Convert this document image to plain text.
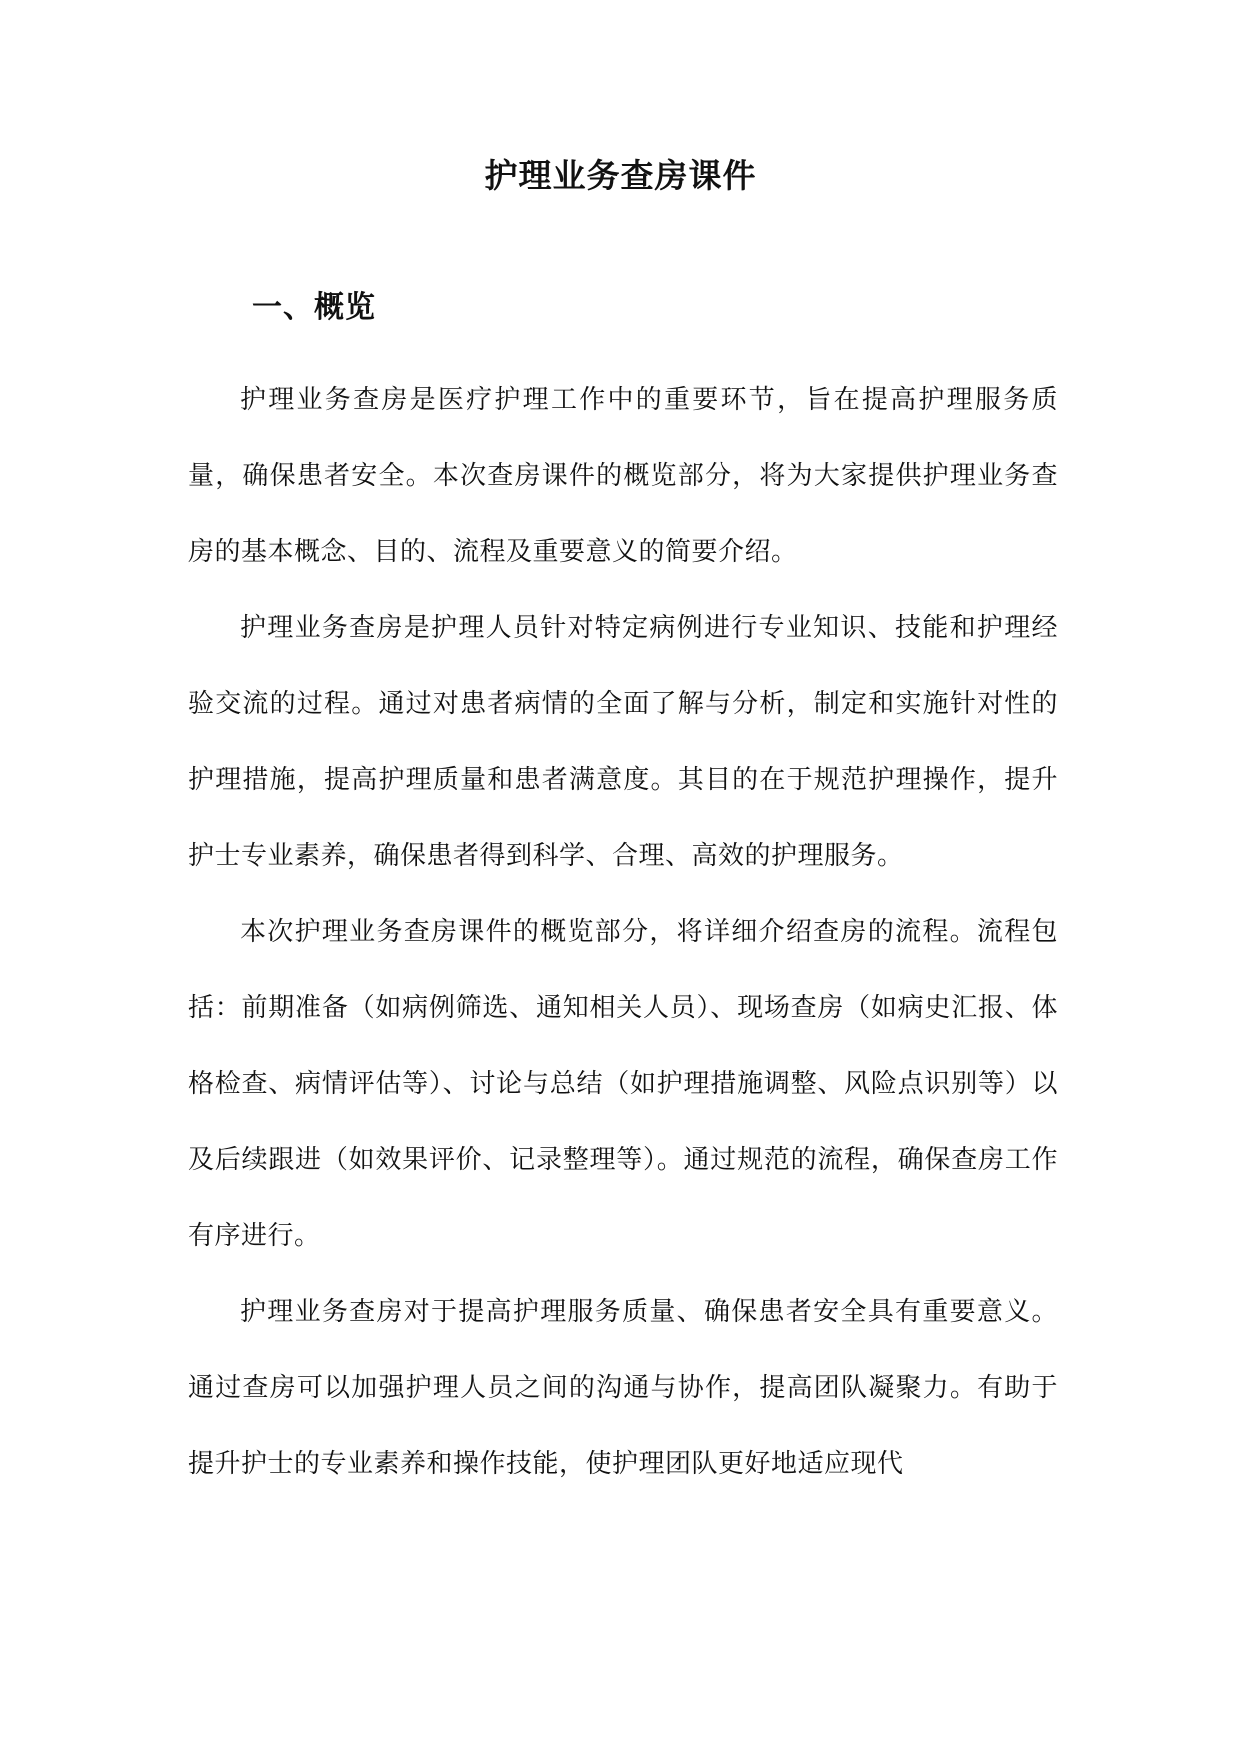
护理业务查房课件
一、概览

护理业务查房是医疗护理工作中的重要环节，旨在提高护理服务质量，确保患者安全。本次查房课件的概览部分，将为大家提供护理业务查房的基本概念、目的、流程及重要意义的简要介绍。

护理业务查房是护理人员针对特定病例进行专业知识、技能和护理经验交流的过程。通过对患者病情的全面了解与分析，制定和实施针对性的护理措施，提高护理质量和患者满意度。其目的在于规范护理操作，提升护士专业素养，确保患者得到科学、合理、高效的护理服务。

本次护理业务查房课件的概览部分，将详细介绍查房的流程。流程包括：前期准备（如病例筛选、通知相关人员）、现场查房（如病史汇报、体格检查、病情评估等）、讨论与总结（如护理措施调整、风险点识别等）以及后续跟进（如效果评价、记录整理等）。通过规范的流程，确保查房工作有序进行。

护理业务查房对于提高护理服务质量、确保患者安全具有重要意义。通过查房可以加强护理人员之间的沟通与协作，提高团队凝聚力。有助于提升护士的专业素养和操作技能，使护理团队更好地适应现代
